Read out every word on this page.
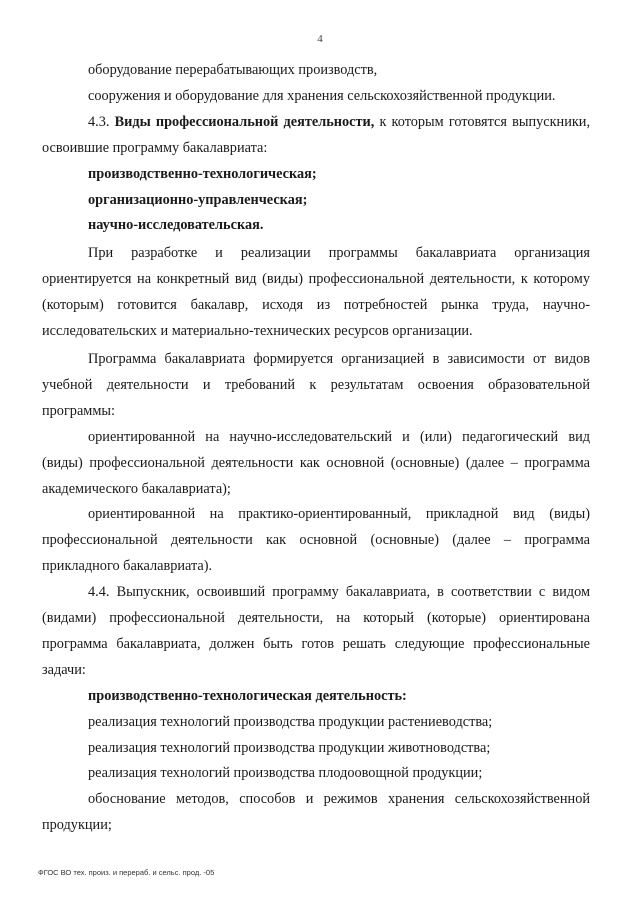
4

оборудование перерабатывающих производств,

сооружения и оборудование для хранения сельскохозяйственной продукции.

4.3. Виды профессиональной деятельности, к которым готовятся выпускники, освоившие программу бакалавриата:

производственно-технологическая;

организационно-управленческая;

научно-исследовательская.

При разработке и реализации программы бакалавриата организация ориентируется на конкретный вид (виды) профессиональной деятельности, к которому (которым) готовится бакалавр, исходя из потребностей рынка труда, научно-исследовательских и материально-технических ресурсов организации.

Программа бакалавриата формируется организацией в зависимости от видов учебной деятельности и требований к результатам освоения образовательной программы:

ориентированной на научно-исследовательский и (или) педагогический вид (виды) профессиональной деятельности как основной (основные) (далее – программа академического бакалавриата);

ориентированной на практико-ориентированный, прикладной вид (виды) профессиональной деятельности как основной (основные) (далее – программа прикладного бакалавриата).

4.4. Выпускник, освоивший программу бакалавриата, в соответствии с видом (видами) профессиональной деятельности, на который (которые) ориентирована программа бакалавриата, должен быть готов решать следующие профессиональные задачи:

производственно-технологическая деятельность:

реализация технологий производства продукции растениеводства;

реализация технологий производства продукции животноводства;

реализация технологий производства плодоовощной продукции;

обоснование методов, способов и режимов хранения сельскохозяйственной продукции;

ФГОС ВО тех. произ. и перераб. и сельс. прод. -05
